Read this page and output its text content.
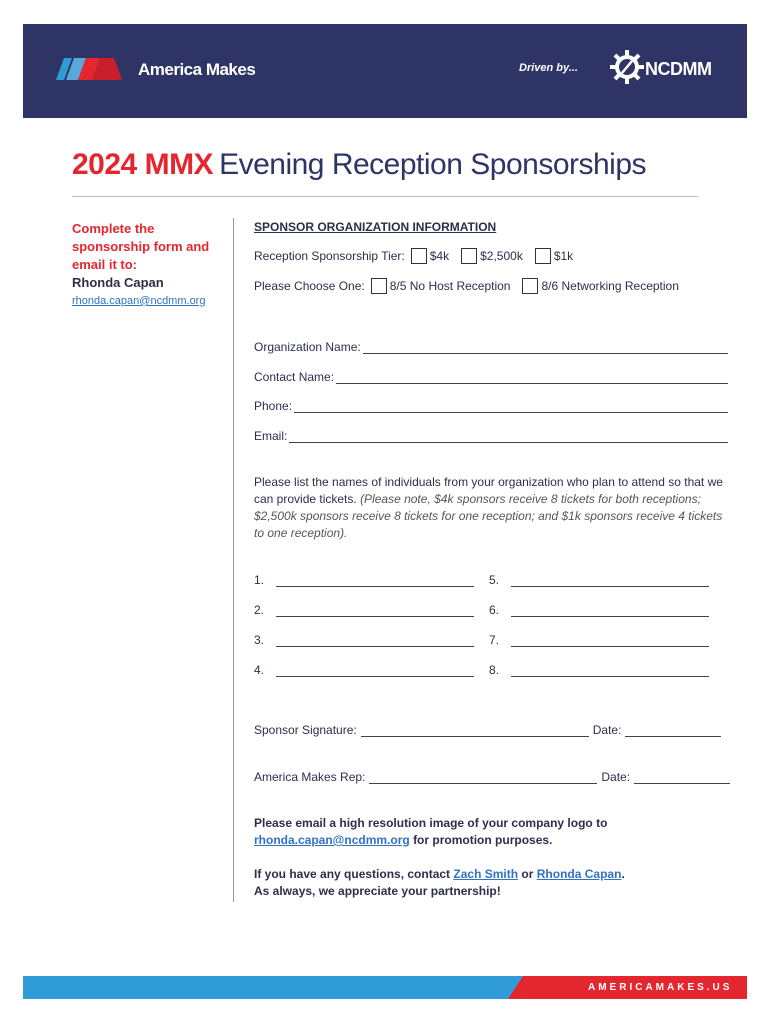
America Makes	Driven by...	NCDMM
2024 MMX Evening Reception Sponsorships
Complete the sponsorship form and email it to:
Rhonda Capan
rhonda.capan@ncdmm.org
SPONSOR ORGANIZATION INFORMATION
Reception Sponsorship Tier: $4k	$2,500k	$1k
Please Choose One: 8/5 No Host Reception	8/6 Networking Reception
Organization Name:
Contact Name:
Phone:
Email:
Please list the names of individuals from your organization who plan to attend so that we can provide tickets. (Please note, $4k sponsors receive 8 tickets for both receptions; $2,500k sponsors receive 8 tickets for one reception; and $1k sponsors receive 4 tickets to one reception).
1.	5.
2.	6.
3.	7.
4.	8.
Sponsor Signature:	Date:
America Makes Rep:	Date:
Please email a high resolution image of your company logo to
rhonda.capan@ncdmm.org for promotion purposes.
If you have any questions, contact Zach Smith or Rhonda Capan.
As always, we appreciate your partnership!
AMERICAMAKES.US
